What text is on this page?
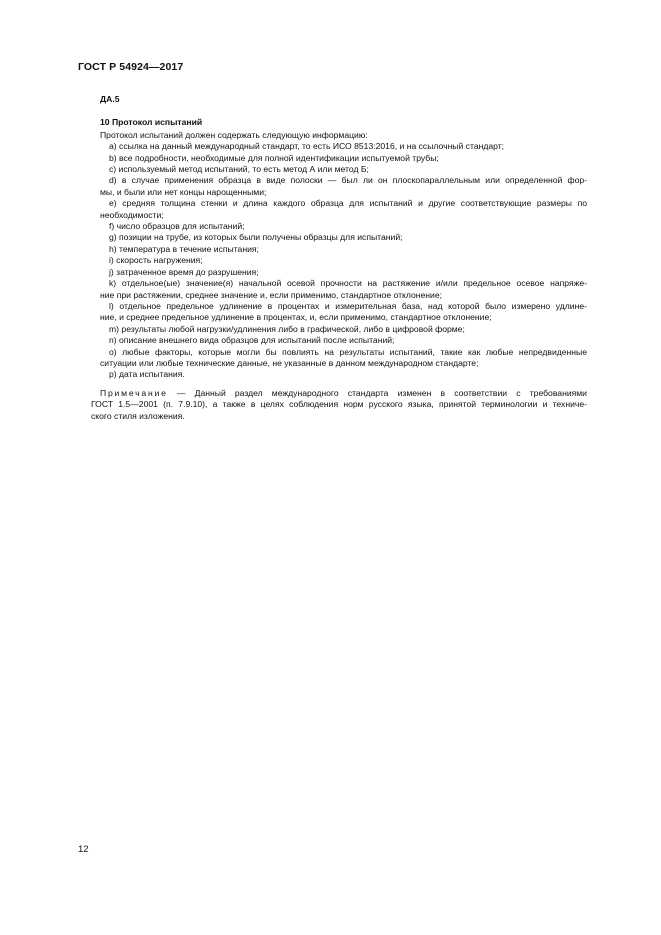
ГОСТ Р 54924—2017
ДА.5
10 Протокол испытаний
Протокол испытаний должен содержать следующую информацию:
a) ссылка на данный международный стандарт, то есть ИСО 8513:2016, и на ссылочный стандарт;
b) все подробности, необходимые для полной идентификации испытуемой трубы;
c) используемый метод испытаний, то есть метод А или метод Б;
d) в случае применения образца в виде полоски — был ли он плоскопараллельным или определенной фор-
мы, и были или нет концы нарощенными;
e) средняя толщина стенки и длина каждого образца для испытаний и другие соответствующие размеры по
необходимости;
f) число образцов для испытаний;
g) позиции на трубе, из которых были получены образцы для испытаний;
h) температура в течение испытания;
i) скорость нагружения;
j) затраченное время до разрушения;
k) отдельное(ые) значение(я) начальной осевой прочности на растяжение и/или предельное осевое напряже-
ние при растяжении, среднее значение и, если применимо, стандартное отклонение;
l) отдельное предельное удлинение в процентах и измерительная база, над которой было измерено удлине-
ние, и среднее предельное удлинение в процентах, и, если применимо, стандартное отклонение;
m) результаты любой нагрузки/удлинения либо в графической, либо в цифровой форме;
n) описание внешнего вида образцов для испытаний после испытаний;
o) любые факторы, которые могли бы повлиять на результаты испытаний, такие как любые непредвиденные
ситуации или любые технические данные, не указанные в данном международном стандарте;
p) дата испытания.
Примечание — Данный раздел международного стандарта изменен в соответствии с требованиями
ГОСТ 1.5—2001 (п. 7.9.10), а также в целях соблюдения норм русского языка, принятой терминологии и техниче-
ского стиля изложения.
12
